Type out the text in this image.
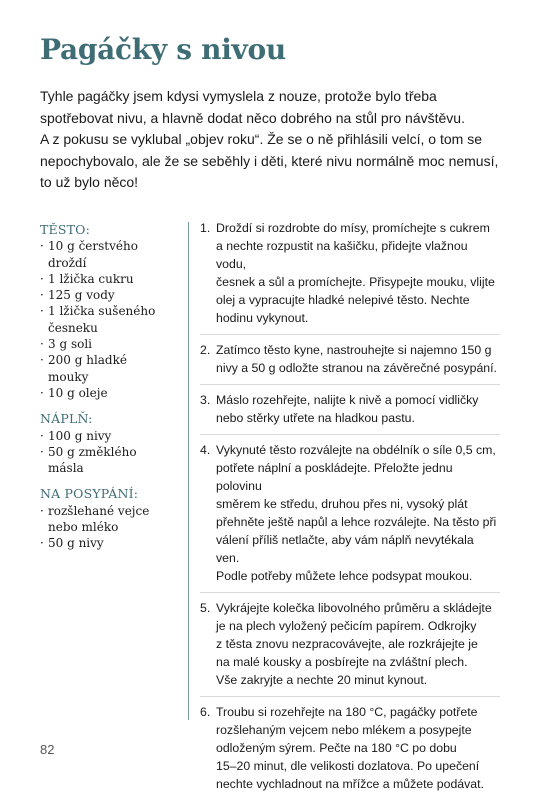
Pagáčky s nivou

Tyhle pagáčky jsem kdysi vymyslela z nouze, protože bylo třeba

spotřebovat nivu, a hlavně dodat něco dobrého na stůl pro návštěvu.

A z pokusu se vyklubal „objev roku“. Že se o ně přihlásili velcí, o tom se

nepochybovalo, ale že se seběhly i děti, které nivu normálně moc nemusí,

to už bylo něco!

TĚSTO:
· 10 g čerstvého droždí
· 1 lžička cukru
· 125 g vody
· 1 lžička sušeného česneku
· 3 g soli
· 200 g hladké mouky
· 10 g oleje
NÁPLŇ:
· 100 g nivy
· 50 g změklého másla
NA POSYPÁNÍ:
· rozšlehané vejce nebo mléko
· 50 g nivy
1. Droždí si rozdrobte do mísy, promíchejte s cukrem
a nechte rozpustit na kašičku, přidejte vlažnou vodu,
česnek a sůl a promíchejte. Přisypejte mouku, vlijte
olej a vypracujte hladké nelepivé těsto. Nechte
hodinu vykynout.
2. Zatímco těsto kyne, nastrouhejte si najemno 150 g
nivy a 50 g odložte stranou na závěrečné posypání.
3. Máslo rozehřejte, nalijte k nivě a pomocí vidličky
nebo stěrky utřete na hladkou pastu.
4. Vykynuté těsto rozválejte na obdélník o síle 0,5 cm,
potřete náplní a poskládejte. Přeložte jednu polovinu
směrem ke středu, druhou přes ni, vysoký plát
přehněte ještě napůl a lehce rozválejte. Na těsto při
válení příliš netlačte, aby vám náplň nevytékala ven.
Podle potřeby můžete lehce podsypat moukou.
5. Vykrájejte kolečka libovolného průměru a skládejte
je na plech vyložený pečicím papírem. Odkrojky
z těsta znovu nezpracovávejte, ale rozkrájejte je
na malé kousky a posbírejte na zvláštní plech.
Vše zakryjte a nechte 20 minut kynout.
6. Troubu si rozehřejte na 180 °C, pagáčky potřete
rozšlehaným vejcem nebo mlékem a posypejte
odloženým sýrem. Pečte na 180 °C po dobu
15–20 minut, dle velikosti dozlatova. Po upečení
nechte vychladnout na mřížce a můžete podávat.
82
